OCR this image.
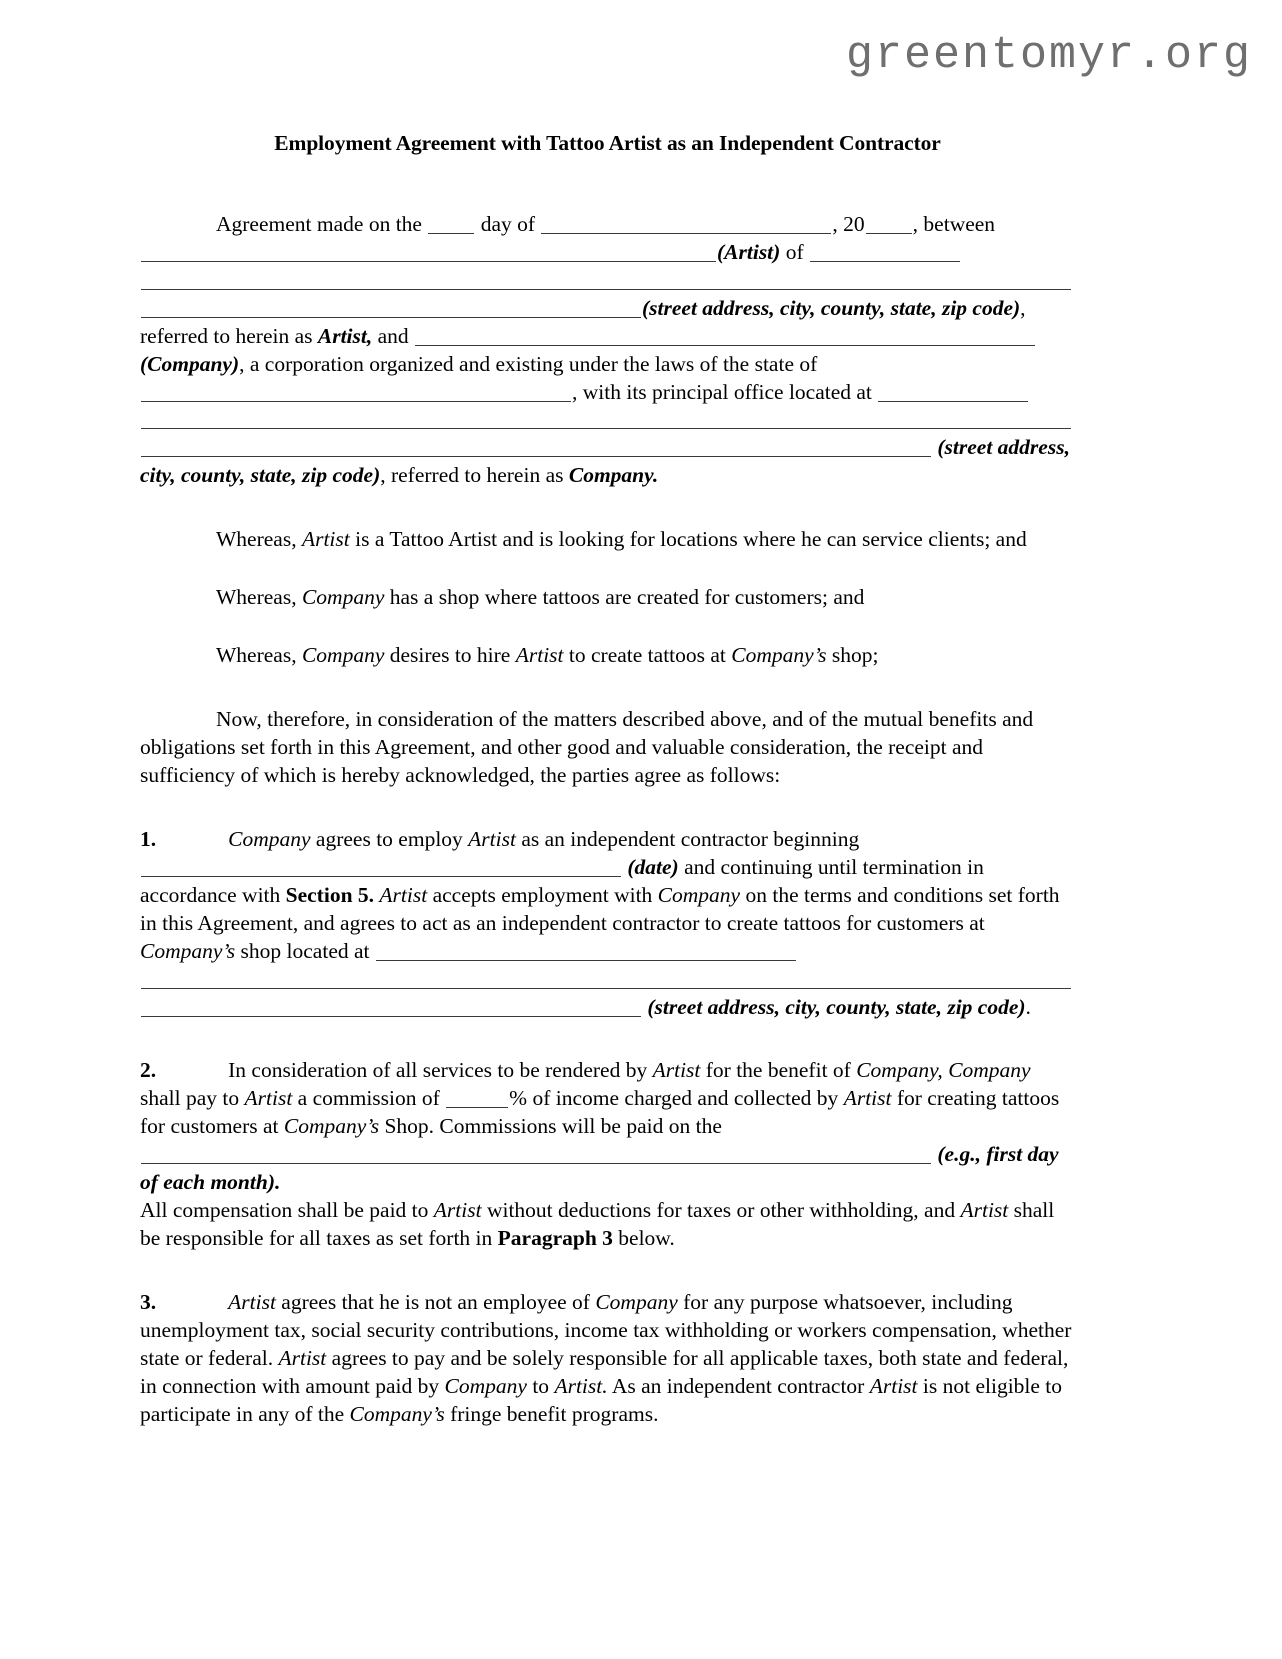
greentomyr.org
Employment Agreement with Tattoo Artist as an Independent Contractor

Agreement made on the	day of	, 20 , between

(Artist) of

(street address, city, county, state, zip code),

referred to herein as Artist, and

(Company), a corporation organized and existing under the laws of the state of

, with its principal office located at

(street address,

city, county, state, zip code), referred to herein as Company.

Whereas, Artist is a Tattoo Artist and is looking for locations where he can service clients; and

Whereas, Company has a shop where tattoos are created for customers; and

Whereas, Company desires to hire Artist to create tattoos at Company’s shop;

Now, therefore, in consideration of the matters described above, and of the mutual benefits and obligations set forth in this Agreement, and other good and valuable consideration, the receipt and sufficiency of which is hereby acknowledged, the parties agree as follows:

1.	Company agrees to employ Artist as an independent contractor beginning

(date) and continuing until termination in accordance with Section 5. Artist accepts employment with Company on the terms and conditions set forth in this Agreement, and agrees to act as an independent contractor to create tattoos for customers at Company’s shop located at

(street address, city, county, state, zip code).

2.	In consideration of all services to be rendered by Artist for the benefit of Company, Company shall pay to Artist a commission of	% of income charged and collected by Artist for creating tattoos for customers at Company’s Shop. Commissions will be paid on the

(e.g., first day of each month).

All compensation shall be paid to Artist without deductions for taxes or other withholding, and Artist shall be responsible for all taxes as set forth in Paragraph 3 below.

3.	Artist agrees that he is not an employee of Company for any purpose whatsoever, including unemployment tax, social security contributions, income tax withholding or workers compensation, whether state or federal. Artist agrees to pay and be solely responsible for all applicable taxes, both state and federal, in connection with amount paid by Company to Artist. As an independent contractor Artist is not eligible to participate in any of the Company’s fringe benefit programs.
